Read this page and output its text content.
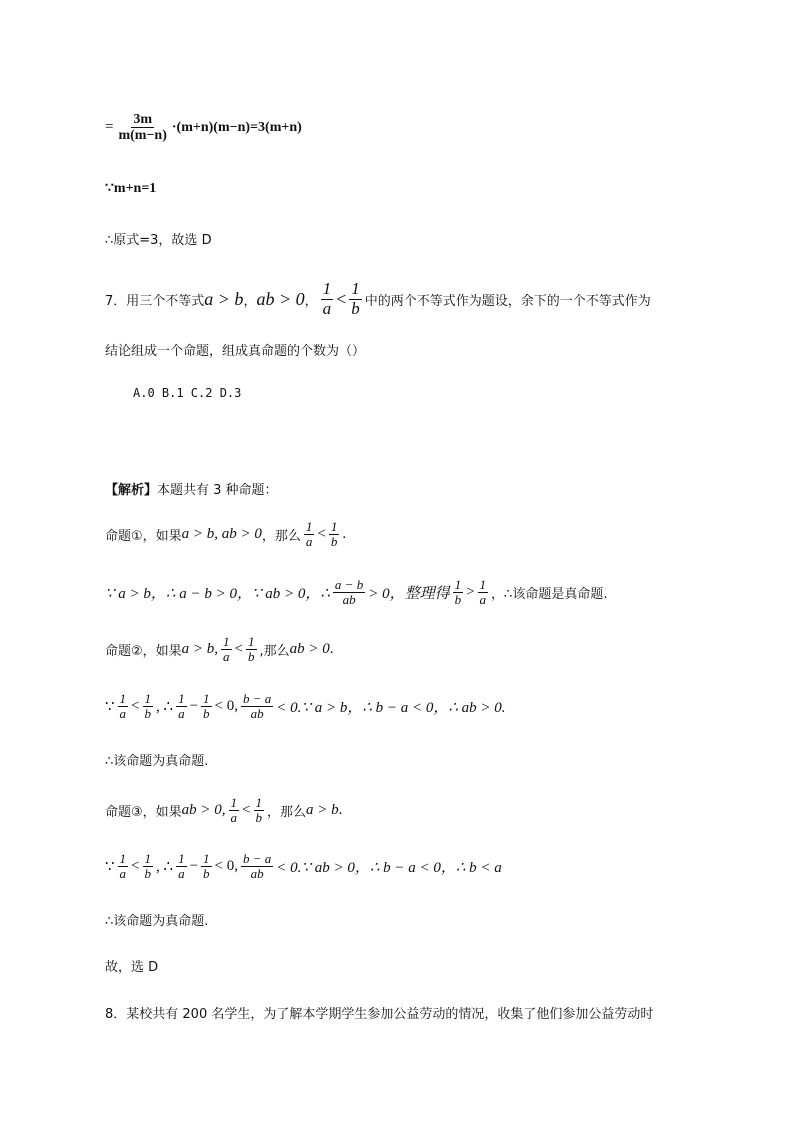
= $\frac{3m}{m(m-n)} \cdot(m+n)(m-n)=3(m+n)$
∵m+n=1
∴原式=3，故选 D
7．用三个不等式 a > b ， ab > 0 ， $\frac{1}{a} < \frac{1}{b}$ 中的两个不等式作为题设，余下的一个不等式作为
结论组成一个命题，组成真命题的个数为（）
A.0 B.1 C.2 D.3
【解析】 本题共有 3 种命题：
命题①，如果 a > b, ab > 0 ，那么 $\frac{1}{a} < \frac{1}{b}$ .
∵ a > b，∴ a − b > 0，∵ ab > 0，∴ $\frac{a - b}{ab} > 0$，整理得 $\frac{1}{b} > \frac{1}{a}$ ，∴该命题是真命题.
命题②，如果 a > b, $\frac{1}{a} < \frac{1}{b}$ ,那么 ab > 0 .
∵ $\frac{1}{a} < \frac{1}{b}$ , ∴ $\frac{1}{a} - \frac{1}{b} < 0$, $\frac{b - a}{ab}$ < 0.∵ a > b，∴ b − a < 0，∴ ab > 0.
∴该命题为真命题.
命题③，如果 ab > 0, $\frac{1}{a} < \frac{1}{b}$ ，那么 a > b .
∵ $\frac{1}{a} < \frac{1}{b}$ , ∴ $\frac{1}{a} - \frac{1}{b} < 0$, $\frac{b - a}{ab}$ < 0.∵ ab > 0，∴ b − a < 0，∴ b < a
∴该命题为真命题.
故，选 D
8．某校共有 200 名学生，为了解本学期学生参加公益劳动的情况，收集了他们参加公益劳动时
